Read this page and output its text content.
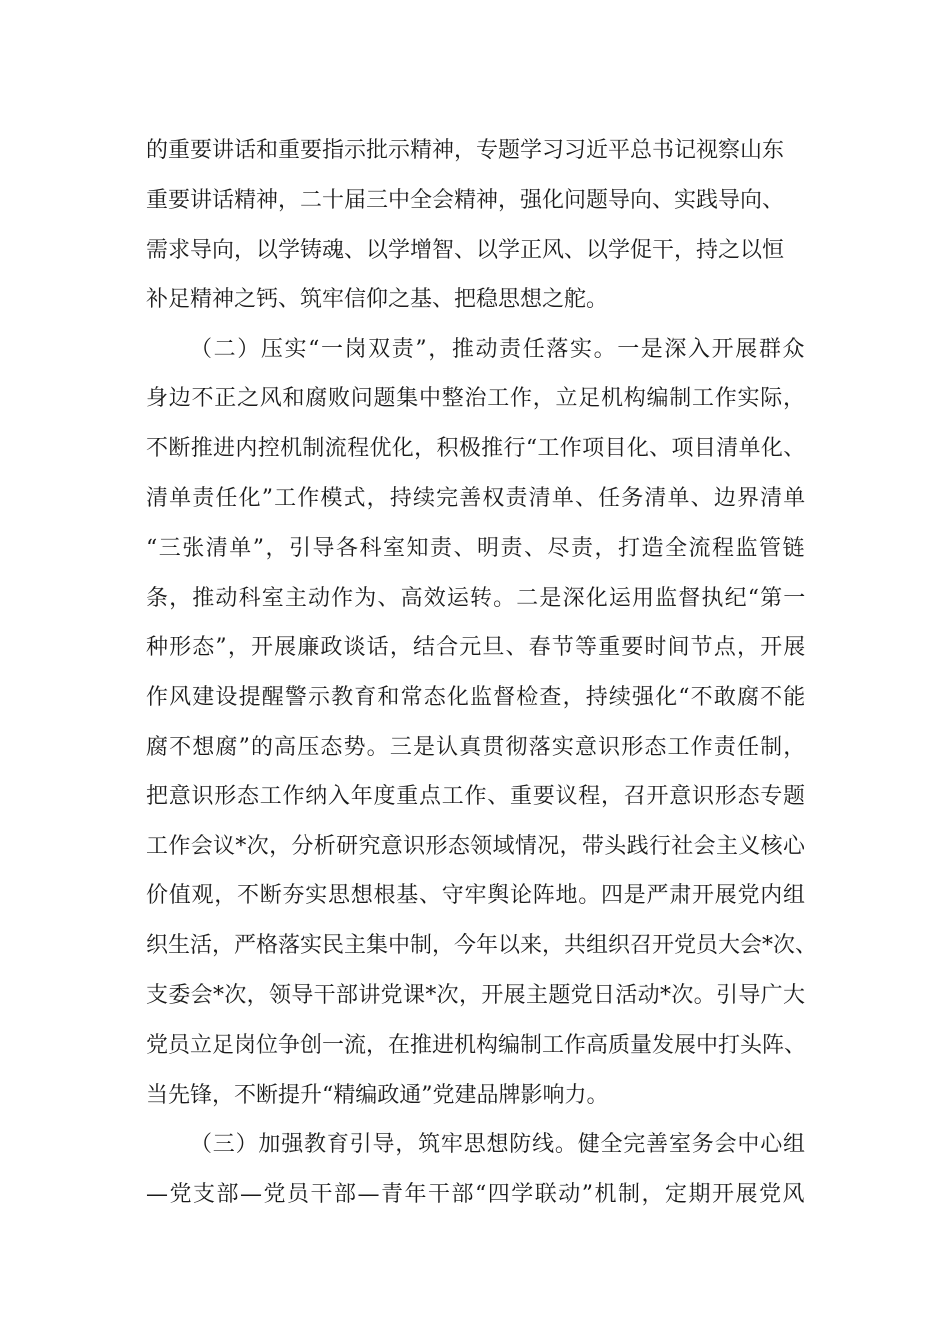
的重要讲话和重要指示批示精神，专题学习习近平总书记视察山东
重要讲话精神，二十届三中全会精神，强化问题导向、实践导向、
需求导向，以学铸魂、以学增智、以学正风、以学促干，持之以恒
补足精神之钙、筑牢信仰之基、把稳思想之舵。
（二）压实“一岗双责”，推动责任落实。一是深入开展群众
身边不正之风和腐败问题集中整治工作，立足机构编制工作实际，
不断推进内控机制流程优化，积极推行“工作项目化、项目清单化、
清单责任化”工作模式，持续完善权责清单、任务清单、边界清单
“三张清单”，引导各科室知责、明责、尽责，打造全流程监管链
条，推动科室主动作为、高效运转。二是深化运用监督执纪“第一
种形态”，开展廉政谈话，结合元旦、春节等重要时间节点，开展
作风建设提醒警示教育和常态化监督检查，持续强化“不敢腐不能
腐不想腐”的高压态势。三是认真贯彻落实意识形态工作责任制，
把意识形态工作纳入年度重点工作、重要议程，召开意识形态专题
工作会议*次，分析研究意识形态领域情况，带头践行社会主义核心
价值观，不断夯实思想根基、守牢舆论阵地。四是严肃开展党内组
织生活，严格落实民主集中制，今年以来，共组织召开党员大会*次、
支委会*次，领导干部讲党课*次，开展主题党日活动*次。引导广大
党员立足岗位争创一流，在推进机构编制工作高质量发展中打头阵、
当先锋，不断提升“精编政通”党建品牌影响力。
（三）加强教育引导，筑牢思想防线。健全完善室务会中心组
—党支部—党员干部—青年干部“四学联动”机制，定期开展党风
